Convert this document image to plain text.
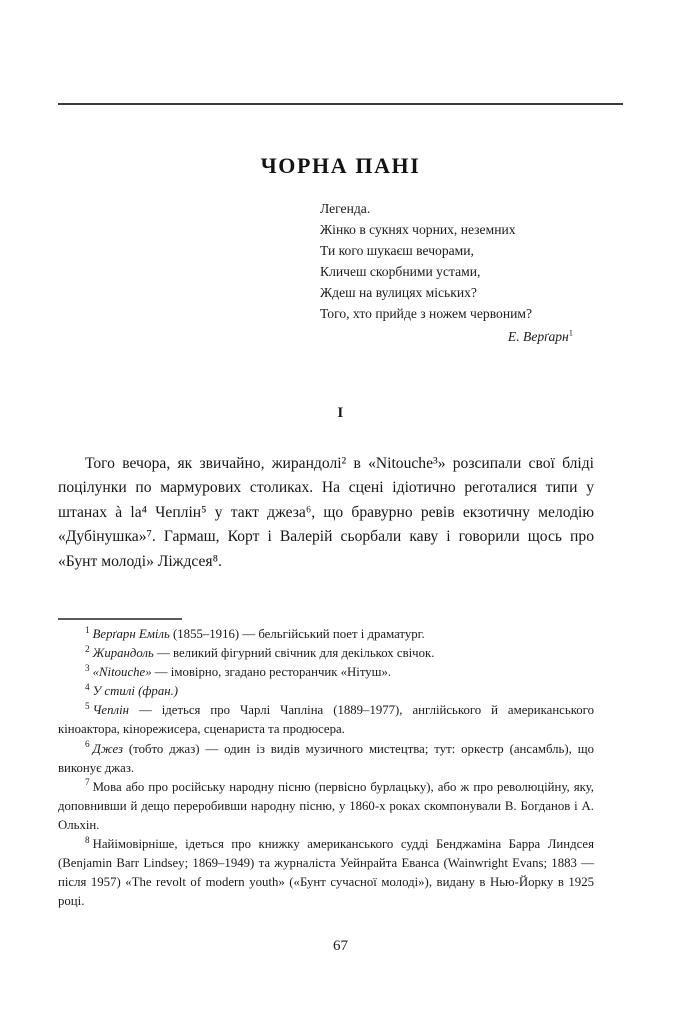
ЧОРНА ПАНІ
Легенда.
Жінко в сукнях чорних, неземних
Ти кого шукаєш вечорами,
Кличеш скорбними устами,
Ждеш на вулицях міських?
Того, хто прийде з ножем червоним?
Е. Верґарн$^1$
I

Того вечора, як звичайно, жирандолі² в «Nitouche³» розсипали свої бліді поцілунки по мармурових столиках. На сцені ідіотично реготалися типи у штанах à la⁴ Чеплін⁵ у такт джеза⁶, що бравурно ревів екзотичну мелодію «Дубінушка»⁷. Гармаш, Корт і Валерій сьорбали каву і говорили щось про «Бунт молоді» Ліждсея⁸.

$^1$ Верґарн Еміль (1855–1916) — бельгійський поет і драматург.

$^2$ Жирандоль — великий фігурний свічник для декількох свічок.

$^3$ «Nitouche» — імовірно, згадано ресторанчик «Нітуш».

$^4$ У стилі (фран.)

$^5$ Чеплін — ідеться про Чарлі Чапліна (1889–1977), англійського й американського кіноактора, кінорежисера, сценариста та продюсера.

$^6$ Джез (тобто джаз) — один із видів музичного мистецтва; тут: оркестр (ансамбль), що виконує джаз.

$^7$ Мова або про російську народну пісню (первісно бурлацьку), або ж про революційну, яку, доповнивши й дещо переробивши народну пісню, у 1860-х роках скомпонували В. Богданов і А. Ольхін.

$^8$ Найімовірніше, ідеться про книжку американського судді Бенджаміна Барра Линдсея (Benjamin Barr Lindsey; 1869–1949) та журналіста Уейнрайта Еванса (Wainwright Evans; 1883 — після 1957) «The revolt of modern youth» («Бунт сучасної молоді»), видану в Нью-Йорку в 1925 році.

67
